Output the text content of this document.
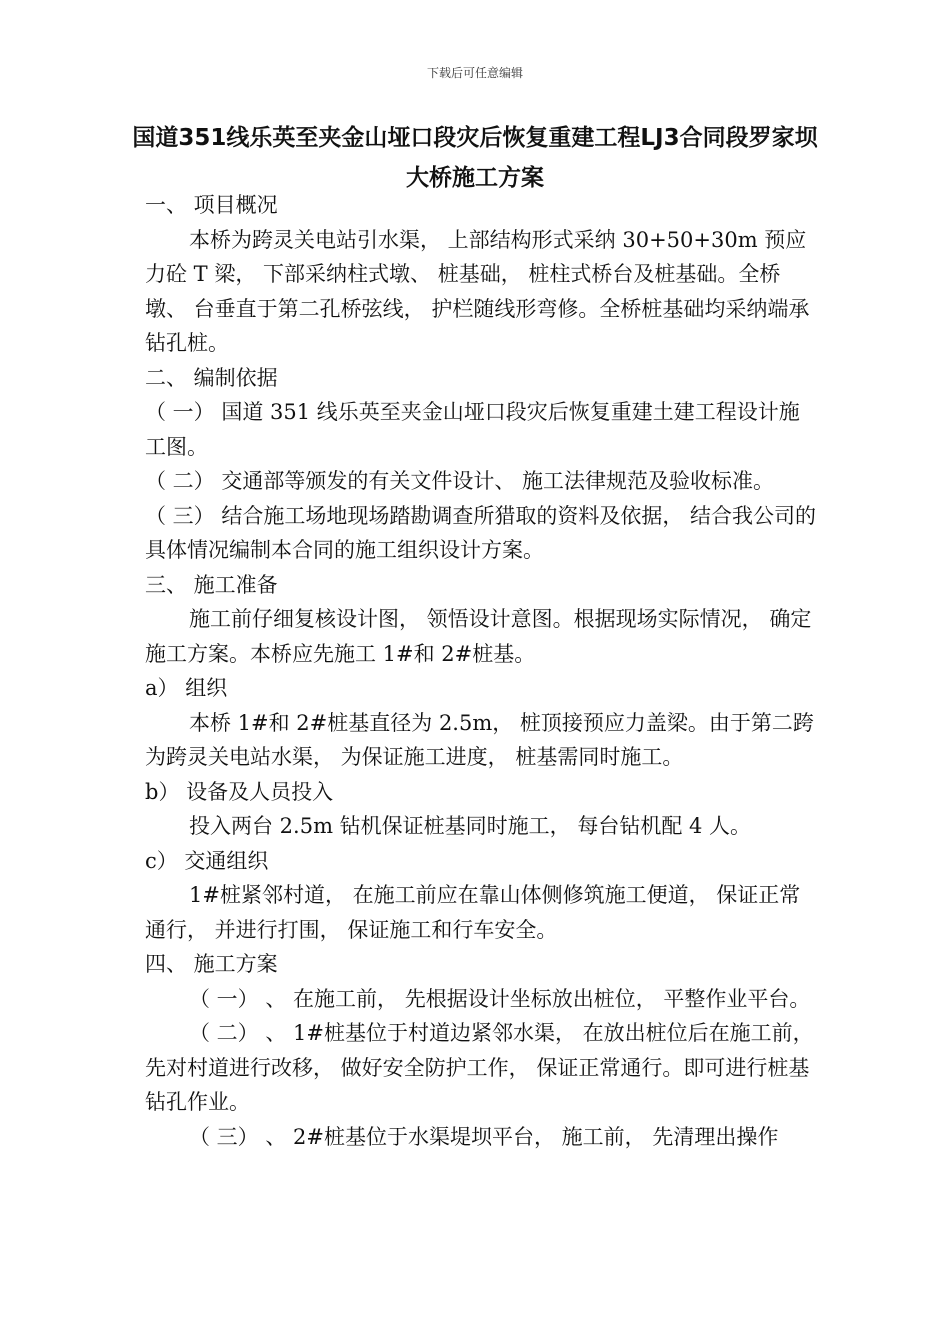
下载后可任意编辑
国道351线乐英至夹金山垭口段灾后恢复重建工程LJ3合同段罗家坝大桥施工方案

一、 项目概况

本桥为跨灵关电站引水渠， 上部结构形式采纳 30+50+30m 预应力砼 T 梁， 下部采纳柱式墩、 桩基础， 桩柱式桥台及桩基础。全桥墩、 台垂直于第二孔桥弦线， 护栏随线形弯修。全桥桩基础均采纳端承钻孔桩。

二、 编制依据

（ 一） 国道 351 线乐英至夹金山垭口段灾后恢复重建土建工程设计施工图。

（ 二） 交通部等颁发的有关文件设计、 施工法律规范及验收标准。

（ 三） 结合施工场地现场踏勘调查所猎取的资料及依据， 结合我公司的具体情况编制本合同的施工组织设计方案。

三、 施工准备

施工前仔细复核设计图， 领悟设计意图。根据现场实际情况， 确定施工方案。本桥应先施工 1#和 2#桩基。

a） 组织

本桥 1#和 2#桩基直径为 2.5m， 桩顶接预应力盖梁。由于第二跨为跨灵关电站水渠， 为保证施工进度， 桩基需同时施工。

b） 设备及人员投入

投入两台 2.5m 钻机保证桩基同时施工， 每台钻机配 4 人。

c） 交通组织

1#桩紧邻村道， 在施工前应在靠山体侧修筑施工便道， 保证正常通行， 并进行打围， 保证施工和行车安全。

四、 施工方案

（ 一） 、 在施工前， 先根据设计坐标放出桩位， 平整作业平台。

（ 二） 、 1#桩基位于村道边紧邻水渠， 在放出桩位后在施工前， 先对村道进行改移， 做好安全防护工作， 保证正常通行。即可进行桩基钻孔作业。

（ 三） 、 2#桩基位于水渠堤坝平台， 施工前， 先清理出操作
